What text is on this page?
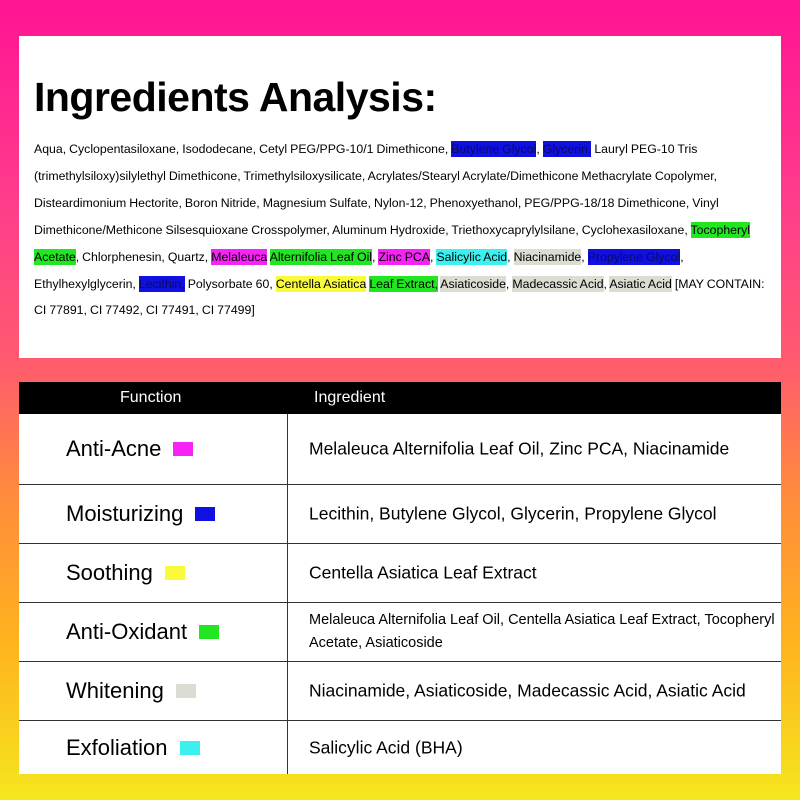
Ingredients Analysis:
Aqua, Cyclopentasiloxane, Isododecane, Cetyl PEG/PPG-10/1 Dimethicone, Butylene Glycol, Glycerin, Lauryl PEG-10 Tris (trimethylsiloxy)silylethyl Dimethicone, Trimethylsiloxysilicate, Acrylates/Stearyl Acrylate/Dimethicone Methacrylate Copolymer, Disteardimonium Hectorite, Boron Nitride, Magnesium Sulfate, Nylon-12, Phenoxyethanol, PEG/PPG-18/18 Dimethicone, Vinyl Dimethicone/Methicone Silsesquioxane Crosspolymer, Aluminum Hydroxide, Triethoxycaprylylsilane, Cyclohexasiloxane, Tocopheryl Acetate, Chlorphenesin, Quartz, Melaleuca Alternifolia Leaf Oil, Zinc PCA, Salicylic Acid, Niacinamide, Propylene Glycol, Ethylhexylglycerin, Lecithin, Polysorbate 60, Centella Asiatica Leaf Extract, Asiaticoside, Madecassic Acid, Asiatic Acid [MAY CONTAIN: CI 77891, CI 77492, CI 77491, CI 77499]
Function	Ingredient
Anti-Acne	Melaleuca Alternifolia Leaf Oil, Zinc PCA, Niacinamide
Moisturizing	Lecithin, Butylene Glycol, Glycerin, Propylene Glycol
Soothing	Centella Asiatica Leaf Extract
Anti-Oxidant	Melaleuca Alternifolia Leaf Oil, Centella Asiatica Leaf Extract, Tocopheryl Acetate, Asiaticoside
Whitening	Niacinamide, Asiaticoside, Madecassic Acid, Asiatic Acid
Exfoliation	Salicylic Acid (BHA)
